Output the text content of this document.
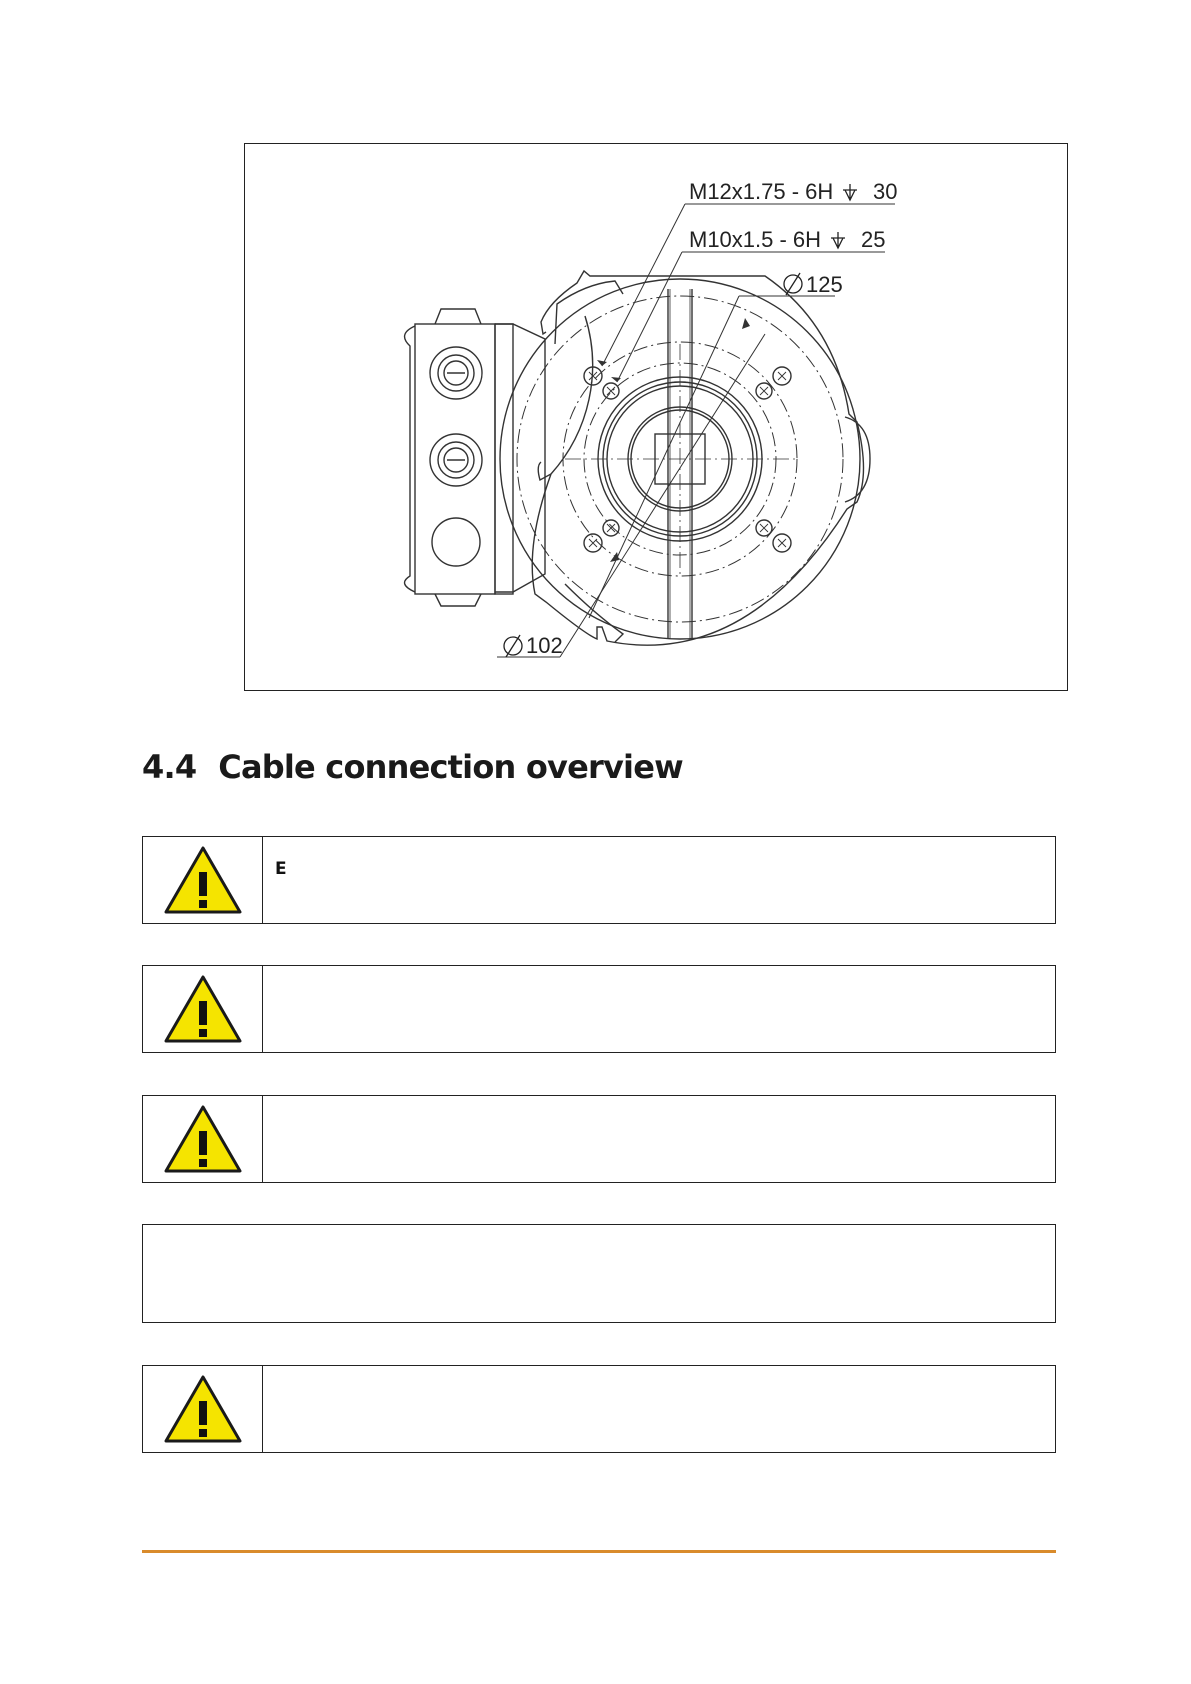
M12x1.75 - 6H 30
M10x1.5 - 6H 25
125
102
4.4 Cable connection overview
E
